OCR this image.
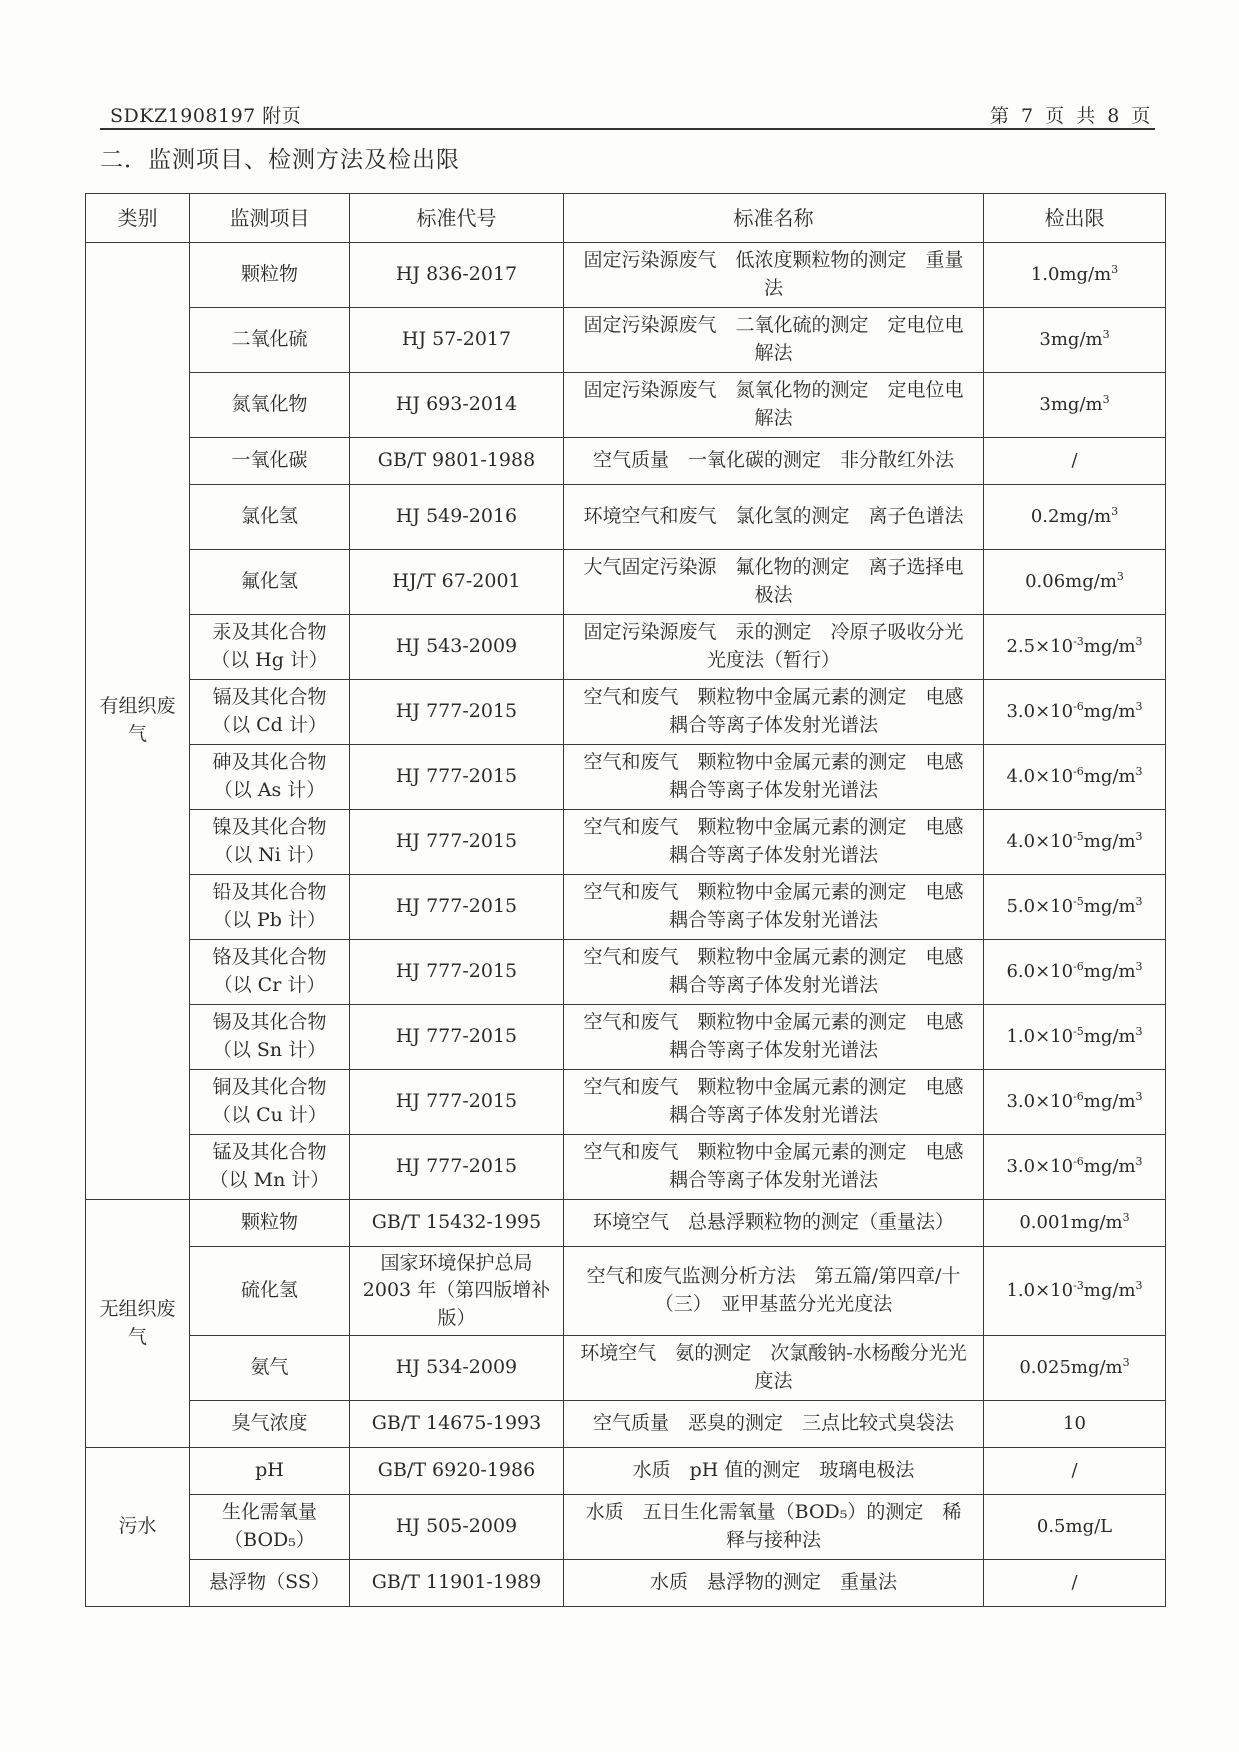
SDKZ1908197 附页	第 7 页 共 8 页
二．监测项目、检测方法及检出限
类别	监测项目	标准代号	标准名称	检出限
有组织废气	颗粒物	HJ 836-2017	固定污染源废气　低浓度颗粒物的测定　重量法	$1.0mg/m^3$
	二氧化硫	HJ 57-2017	固定污染源废气　二氧化硫的测定　定电位电解法	$3mg/m^3$
	氮氧化物	HJ 693-2014	固定污染源废气　氮氧化物的测定　定电位电解法	$3mg/m^3$
	一氧化碳	GB/T 9801-1988	空气质量　一氧化碳的测定　非分散红外法	/
	氯化氢	HJ 549-2016	环境空气和废气　氯化氢的测定　离子色谱法	$0.2mg/m^3$
	氟化氢	HJ/T 67-2001	大气固定污染源　氟化物的测定　离子选择电极法	$0.06mg/m^3$
	汞及其化合物（以 Hg 计）	HJ 543-2009	固定污染源废气　汞的测定　冷原子吸收分光光度法（暂行）	$2.5\times 10^{-3}mg/m^3$
	镉及其化合物（以 Cd 计）	HJ 777-2015	空气和废气　颗粒物中金属元素的测定　电感耦合等离子体发射光谱法	$3.0\times 10^{-6}mg/m^3$
	砷及其化合物（以 As 计）	HJ 777-2015	空气和废气　颗粒物中金属元素的测定　电感耦合等离子体发射光谱法	$4.0\times 10^{-6}mg/m^3$
	镍及其化合物（以 Ni 计）	HJ 777-2015	空气和废气　颗粒物中金属元素的测定　电感耦合等离子体发射光谱法	$4.0\times 10^{-5}mg/m^3$
	铅及其化合物（以 Pb 计）	HJ 777-2015	空气和废气　颗粒物中金属元素的测定　电感耦合等离子体发射光谱法	$5.0\times 10^{-5}mg/m^3$
	铬及其化合物（以 Cr 计）	HJ 777-2015	空气和废气　颗粒物中金属元素的测定　电感耦合等离子体发射光谱法	$6.0\times 10^{-6}mg/m^3$
	锡及其化合物（以 Sn 计）	HJ 777-2015	空气和废气　颗粒物中金属元素的测定　电感耦合等离子体发射光谱法	$1.0\times 10^{-5}mg/m^3$
	铜及其化合物（以 Cu 计）	HJ 777-2015	空气和废气　颗粒物中金属元素的测定　电感耦合等离子体发射光谱法	$3.0\times 10^{-6}mg/m^3$
	锰及其化合物（以 Mn 计）	HJ 777-2015	空气和废气　颗粒物中金属元素的测定　电感耦合等离子体发射光谱法	$3.0\times 10^{-6}mg/m^3$
无组织废气	颗粒物	GB/T 15432-1995	环境空气　总悬浮颗粒物的测定（重量法）	$0.001mg/m^3$
	硫化氢	国家环境保护总局 2003 年（第四版增补版）	空气和废气监测分析方法　第五篇/第四章/十（三）　亚甲基蓝分光光度法	$1.0\times 10^{-3}mg/m^3$
	氨气	HJ 534-2009	环境空气　氨的测定　次氯酸钠-水杨酸分光光度法	$0.025mg/m^3$
	臭气浓度	GB/T 14675-1993	空气质量　恶臭的测定　三点比较式臭袋法	10
污水	pH	GB/T 6920-1986	水质　pH 值的测定　玻璃电极法	/
	生化需氧量（BOD₅）	HJ 505-2009	水质　五日生化需氧量（BOD₅）的测定　稀释与接种法	0.5mg/L
	悬浮物（SS）	GB/T 11901-1989	水质　悬浮物的测定　重量法	/
